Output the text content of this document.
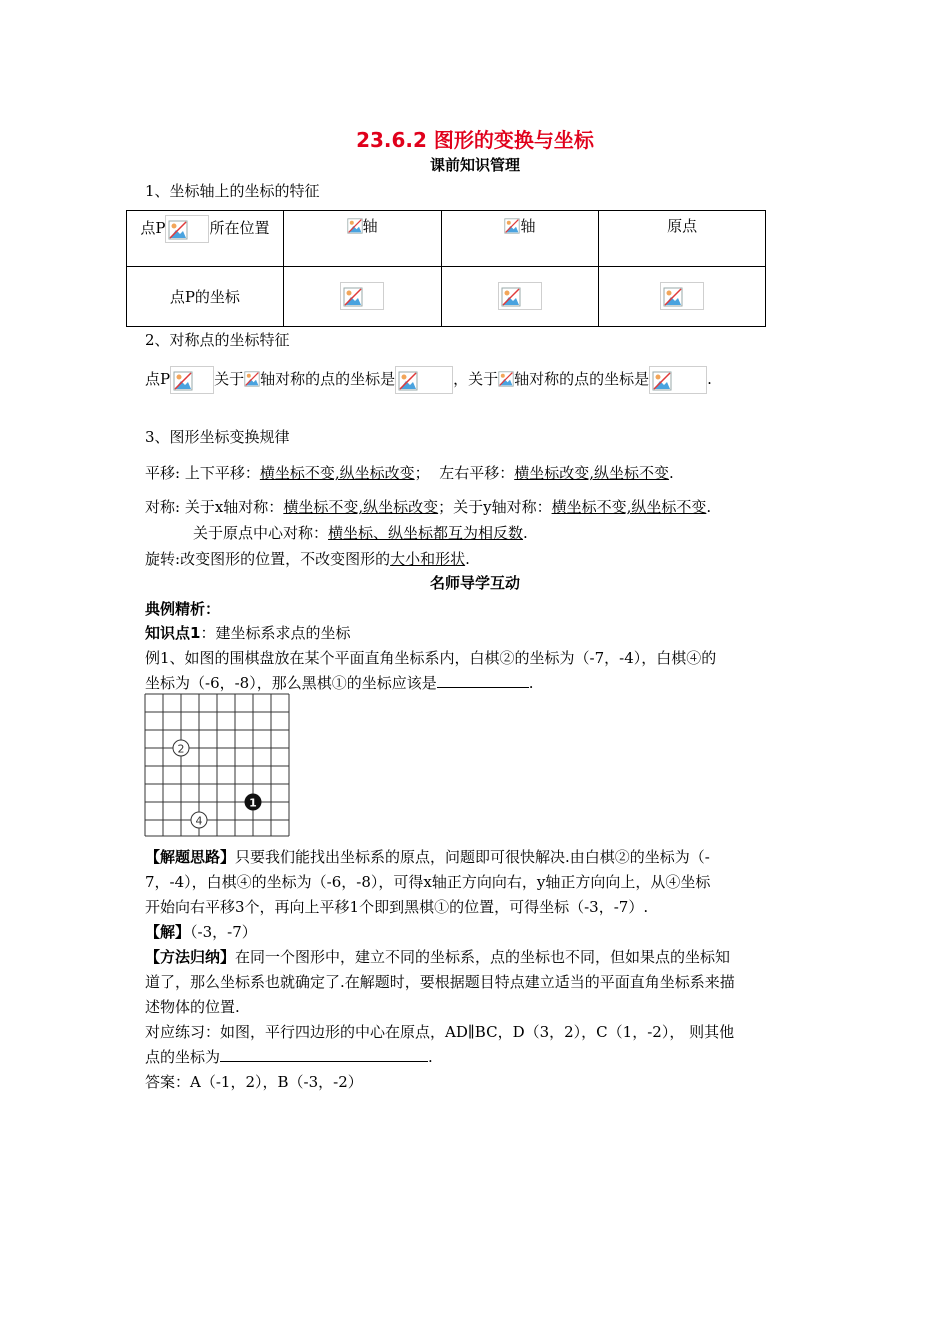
23.6.2 图形的变换与坐标
课前知识管理
1、坐标轴上的坐标的特征
点P 所在位置	轴	轴	原点
点P的坐标	

2、对称点的坐标特征
点P	关于 轴对称的点的坐标是	，关于 轴对称的点的坐标是	.
3、图形坐标变换规律
平移: 上下平移：横坐标不变,纵坐标改变； 左右平移：横坐标改变,纵坐标不变.
对称: 关于x轴对称：横坐标不变,纵坐标改变；关于y轴对称：横坐标不变,纵坐标不变.
关于原点中心对称：横坐标、纵坐标都互为相反数.
旋转:改变图形的位置，不改变图形的大小和形状.
名师导学互动
典例精析：
知识点1：建坐标系求点的坐标
例1、如图的围棋盘放在某个平面直角坐标系内，白棋②的坐标为（-7，-4），白棋④的
坐标为（-6，-8），那么黑棋①的坐标应该是	.
2
4
1
【解题思路】只要我们能找出坐标系的原点，问题即可很快解决.由白棋②的坐标为（-
7，-4），白棋④的坐标为（-6，-8），可得x轴正方向向右，y轴正方向向上，从④坐标
开始向右平移3个，再向上平移1个即到黑棋①的位置，可得坐标（-3，-7）.
【解】（-3，-7）
【方法归纳】在同一个图形中，建立不同的坐标系，点的坐标也不同，但如果点的坐标知
道了，那么坐标系也就确定了.在解题时，要根据题目特点建立适当的平面直角坐标系来描
述物体的位置.
对应练习：如图，平行四边形的中心在原点，AD∥BC，D（3，2），C（1，-2）， 则其他
点的坐标为	.
答案：A（-1，2），B（-3，-2）
